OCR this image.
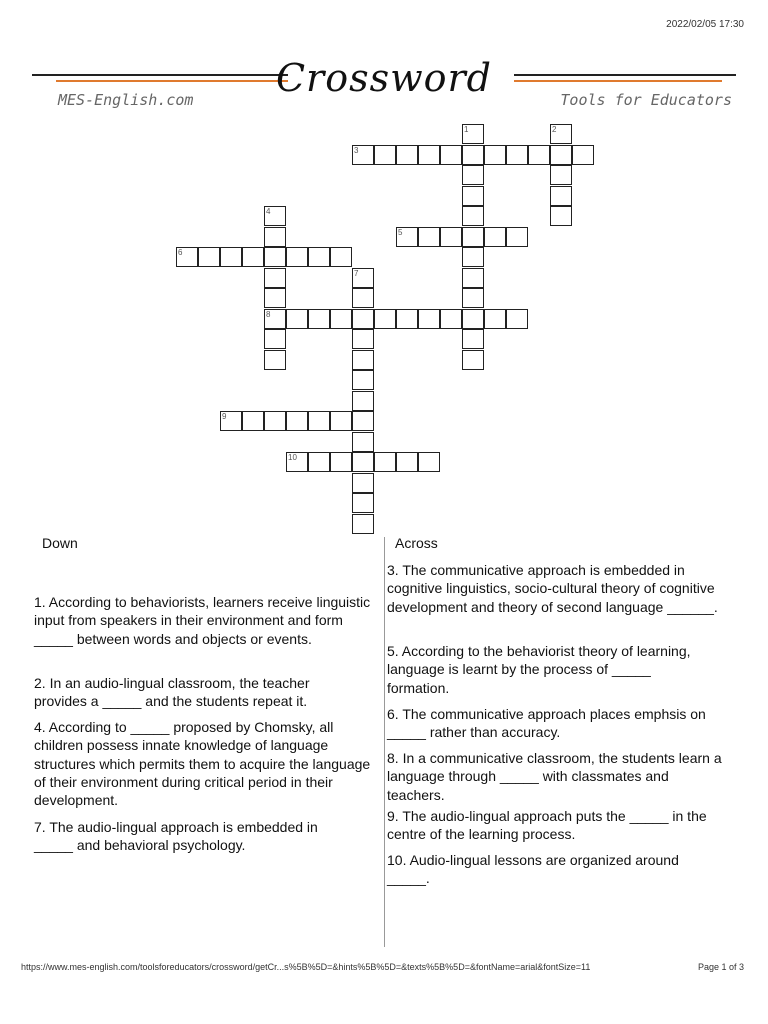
2022/02/05 17:30
Crossword
MES-English.com	Tools for Educators
1	2
3
4
5
6
7
8
9
10
Down	Across
1. According to behaviorists, learners receive linguistic input from speakers in their environment and form _____ between words and objects or events.
2. In an audio-lingual classroom, the teacher provides a _____ and the students repeat it.
4. According to _____ proposed by Chomsky, all children possess innate knowledge of language structures which permits them to acquire the language of their environment during critical period in their development.
7. The audio-lingual approach is embedded in _____ and behavioral psychology.
3. The communicative approach is embedded in cognitive linguistics, socio-cultural theory of cognitive development and theory of second language ______.
5. According to the behaviorist theory of learning, language is learnt by the process of _____ formation.
6. The communicative approach places emphsis on _____ rather than accuracy.
8. In a communicative classroom, the students learn a language through _____ with classmates and teachers.
9. The audio-lingual approach puts the _____ in the centre of the learning process.
10. Audio-lingual lessons are organized around _____.
https://www.mes-english.com/toolsforeducators/crossword/getCr...s%5B%5D=&hints%5B%5D=&texts%5B%5D=&fontName=arial&fontSize=11	Page 1 of 3
